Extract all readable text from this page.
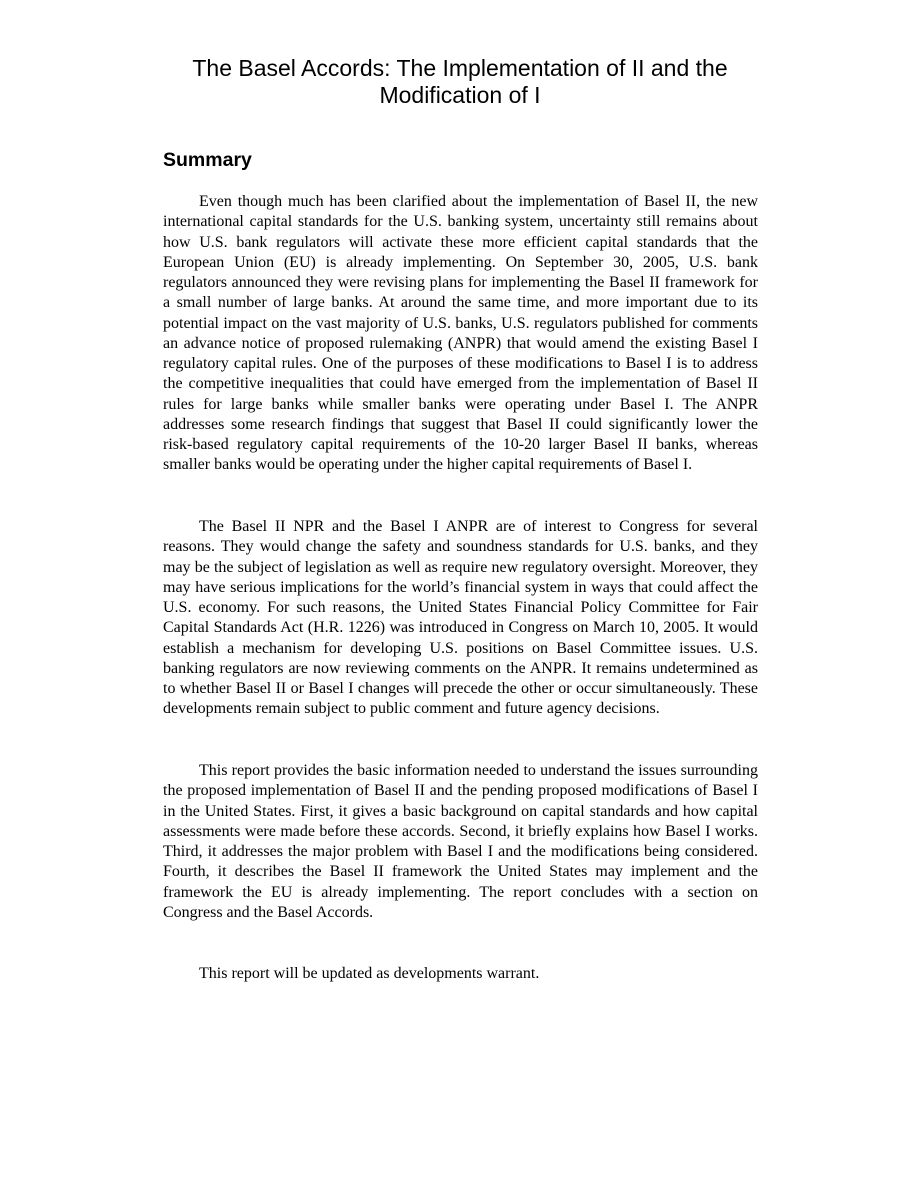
The Basel Accords: The Implementation of II and the Modification of I
Summary

Even though much has been clarified about the implementation of Basel II, the new international capital standards for the U.S. banking system, uncertainty still remains about how U.S. bank regulators will activate these more efficient capital standards that the European Union (EU) is already implementing. On September 30, 2005, U.S. bank regulators announced they were revising plans for implementing the Basel II framework for a small number of large banks. At around the same time, and more important due to its potential impact on the vast majority of U.S. banks, U.S. regulators published for comments an advance notice of proposed rulemaking (ANPR) that would amend the existing Basel I regulatory capital rules. One of the purposes of these modifications to Basel I is to address the competitive inequalities that could have emerged from the implementation of Basel II rules for large banks while smaller banks were operating under Basel I. The ANPR addresses some research findings that suggest that Basel II could significantly lower the risk-based regulatory capital requirements of the 10-20 larger Basel II banks, whereas smaller banks would be operating under the higher capital requirements of Basel I.

The Basel II NPR and the Basel I ANPR are of interest to Congress for several reasons. They would change the safety and soundness standards for U.S. banks, and they may be the subject of legislation as well as require new regulatory oversight. Moreover, they may have serious implications for the world’s financial system in ways that could affect the U.S. economy. For such reasons, the United States Financial Policy Committee for Fair Capital Standards Act (H.R. 1226) was introduced in Congress on March 10, 2005. It would establish a mechanism for developing U.S. positions on Basel Committee issues. U.S. banking regulators are now reviewing comments on the ANPR. It remains undetermined as to whether Basel II or Basel I changes will precede the other or occur simultaneously. These developments remain subject to public comment and future agency decisions.

This report provides the basic information needed to understand the issues surrounding the proposed implementation of Basel II and the pending proposed modifications of Basel I in the United States. First, it gives a basic background on capital standards and how capital assessments were made before these accords. Second, it briefly explains how Basel I works. Third, it addresses the major problem with Basel I and the modifications being considered. Fourth, it describes the Basel II framework the United States may implement and the framework the EU is already implementing. The report concludes with a section on Congress and the Basel Accords.

This report will be updated as developments warrant.
